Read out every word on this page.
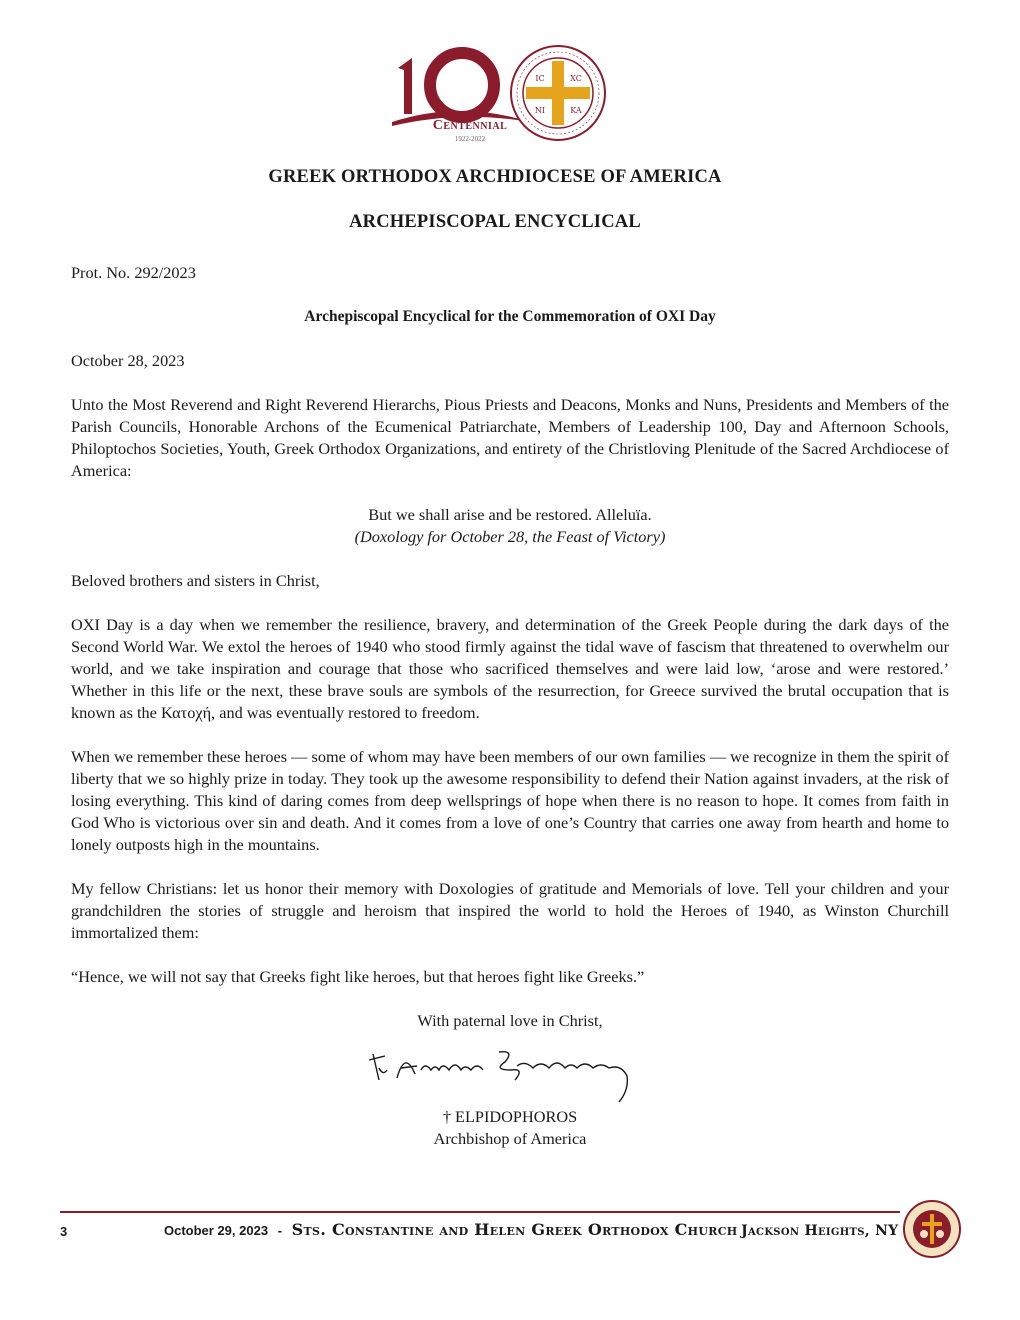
Centennial
1922-2022
IC	XC
NI	KA
GREEK ORTHODOX ARCHDIOCESE OF AMERICA
ARCHEPISCOPAL ENCYCLICAL
Prot. No. 292/2023
Archepiscopal Encyclical for the Commemoration of OXI Day
October 28, 2023
Unto the Most Reverend and Right Reverend Hierarchs, Pious Priests and Deacons, Monks and Nuns, Presidents and Members of the Parish Councils, Honorable Archons of the Ecumenical Patriarchate, Members of Leadership 100, Day and Afternoon Schools, Philoptochos Societies, Youth, Greek Orthodox Organizations, and entirety of the Christloving Plenitude of the Sacred Archdiocese of America:
But we shall arise and be restored. Alleluïa.
(Doxology for October 28, the Feast of Victory)
Beloved brothers and sisters in Christ,
OXI Day is a day when we remember the resilience, bravery, and determination of the Greek People during the dark days of the Second World War. We extol the heroes of 1940 who stood firmly against the tidal wave of fascism that threatened to overwhelm our world, and we take inspiration and courage that those who sacrificed themselves and were laid low, ‘arose and were restored.’ Whether in this life or the next, these brave souls are symbols of the resurrection, for Greece survived the brutal occupation that is known as the Κατοχή, and was eventually restored to freedom.
When we remember these heroes — some of whom may have been members of our own families — we recognize in them the spirit of liberty that we so highly prize in today. They took up the awesome responsibility to defend their Nation against invaders, at the risk of losing everything. This kind of daring comes from deep wellsprings of hope when there is no reason to hope. It comes from faith in God Who is victorious over sin and death. And it comes from a love of one’s Country that carries one away from hearth and home to lonely outposts high in the mountains.
My fellow Christians: let us honor their memory with Doxologies of gratitude and Memorials of love. Tell your children and your grandchildren the stories of struggle and heroism that inspired the world to hold the Heroes of 1940, as Winston Churchill immortalized them:
“Hence, we will not say that Greeks fight like heroes, but that heroes fight like Greeks.”
With paternal love in Christ,
† ELPIDOPHOROS
Archbishop of America
3	October 29, 2023 - Sts. Constantine and Helen Greek Orthodox Church Jackson Heights, NY
